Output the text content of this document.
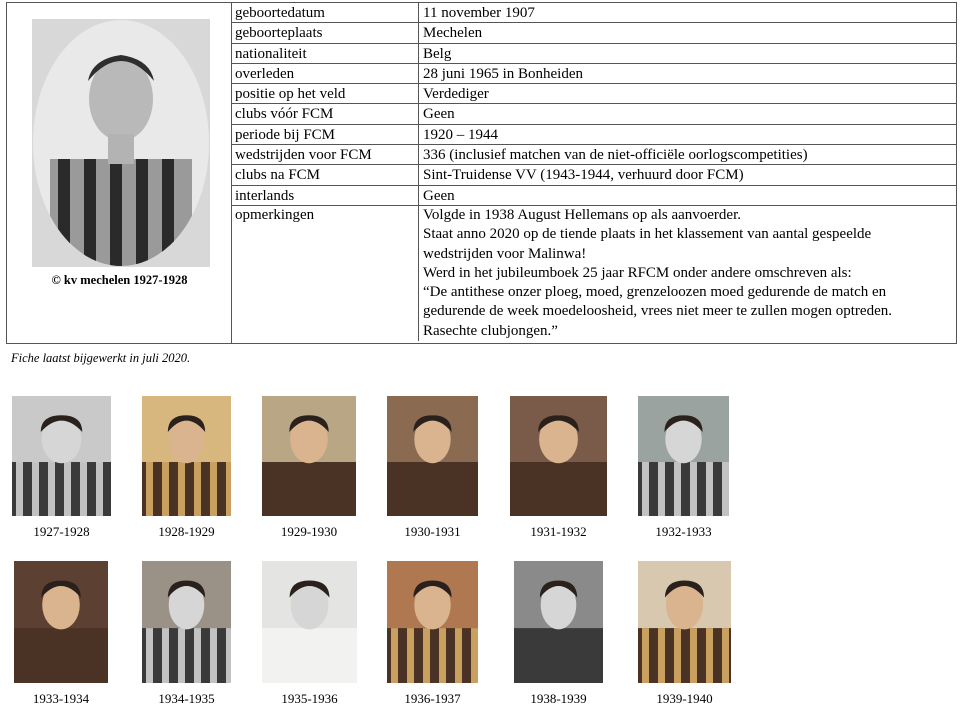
© kv mechelen 1927-1928
geboortedatum	11 november 1907
geboorteplaats	Mechelen
nationaliteit	Belg
overleden	28 juni 1965 in Bonheiden
positie op het veld	Verdediger
clubs vóór FCM	Geen
periode bij FCM	1920 – 1944
wedstrijden voor FCM	336 (inclusief matchen van de niet-officiële oorlogscompetities)
clubs na FCM	Sint-Truidense VV (1943-1944, verhuurd door FCM)
interlands	Geen
opmerkingen	Volgde in 1938 August Hellemans op als aanvoerder.
Staat anno 2020 op de tiende plaats in het klassement van aantal gespeelde
wedstrijden voor Malinwa!
Werd in het jubileumboek 25 jaar RFCM onder andere omschreven als:
“De antithese onzer ploeg, moed, grenzeloozen moed gedurende de match en
gedurende de week moedeloosheid, vrees niet meer te zullen mogen optreden.
Rasechte clubjongen.”
Fiche laatst bijgewerkt in juli 2020.
1927-1928	1928-1929	1929-1930	1930-1931	1931-1932	1932-1933
1933-1934	1934-1935	1935-1936	1936-1937	1938-1939	1939-1940
